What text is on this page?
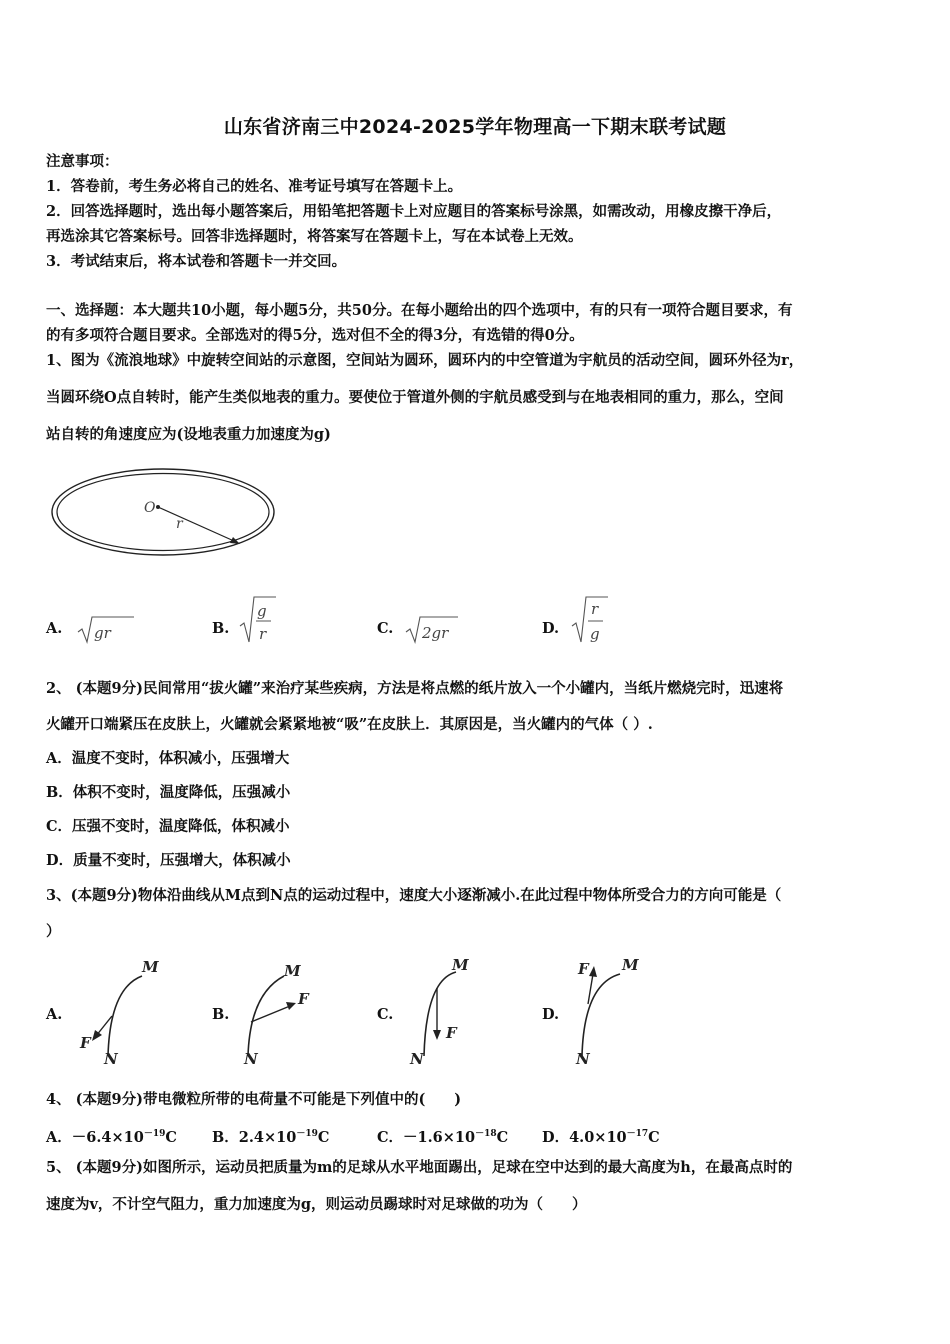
山东省济南三中2024-2025学年物理高一下期末联考试题
注意事项：
1．答卷前，考生务必将自己的姓名、准考证号填写在答题卡上。
2．回答选择题时，选出每小题答案后，用铅笔把答题卡上对应题目的答案标号涂黑，如需改动，用橡皮擦干净后，
再选涂其它答案标号。回答非选择题时，将答案写在答题卡上，写在本试卷上无效。
3．考试结束后，将本试卷和答题卡一并交回。
一、选择题：本大题共10小题，每小题5分，共50分。在每小题给出的四个选项中，有的只有一项符合题目要求，有
的有多项符合题目要求。全部选对的得5分，选对但不全的得3分，有选错的得0分。
1、图为《流浪地球》中旋转空间站的示意图，空间站为圆环，圆环内的中空管道为宇航员的活动空间，圆环外径为r，
当圆环绕O点自转时，能产生类似地表的重力。要使位于管道外侧的宇航员感受到与在地表相同的重力，那么，空间
站自转的角速度应为(设地表重力加速度为g)
O
r
A. gr	B.
g
r	C. 2gr	D.
r
g
2、 (本题9分)民间常用“拔火罐”来治疗某些疾病，方法是将点燃的纸片放入一个小罐内，当纸片燃烧完时，迅速将
火罐开口端紧压在皮肤上，火罐就会紧紧地被“吸”在皮肤上．其原因是，当火罐内的气体（ ）.
A．温度不变时，体积减小，压强增大
B．体积不变时，温度降低，压强减小
C．压强不变时，温度降低，体积减小
D．质量不变时，压强增大，体积减小
3、(本题9分)物体沿曲线从M点到N点的运动过程中，速度大小逐渐减小.在此过程中物体所受合力的方向可能是（
）
A.
M
F
N
B.
M
F
N
C.
M
F
N
D.
M
F
N
4、 (本题9分)带电微粒所带的电荷量不可能是下列值中的(　　)
A．$-6.4\times 10^{-19}C$ B．$2.4\times 10^{-19}C$	C．$-1.6\times 10^{-18}C$ D．$4.0\times 10^{-17}C$
5、 (本题9分)如图所示，运动员把质量为m的足球从水平地面踢出，足球在空中达到的最大高度为h，在最高点时的
速度为v，不计空气阻力，重力加速度为g，则运动员踢球时对足球做的功为（　　）
